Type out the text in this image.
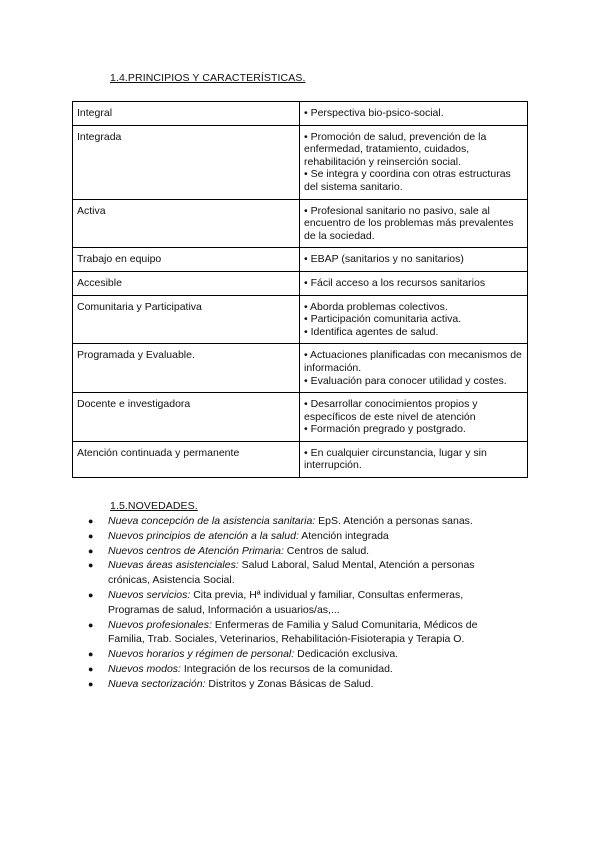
1.4.PRINCIPIOS Y CARACTERÍSTICAS.
Integral	• Perspectiva bio-psico-social.

Integrada	• Promoción de salud, prevención de la enfermedad, tratamiento, cuidados, rehabilitación y reinserción social.
• Se integra y coordina con otras estructuras del sistema sanitario.

Activa	• Profesional sanitario no pasivo, sale al encuentro de los problemas más prevalentes de la sociedad.

Trabajo en equipo	• EBAP (sanitarios y no sanitarios)

Accesible	• Fácil acceso a los recursos sanitarios

Comunitaria y Participativa	• Aborda problemas colectivos.
• Participación comunitaria activa.
• Identifica agentes de salud.

Programada y Evaluable.	• Actuaciones planificadas con mecanismos de información.
• Evaluación para conocer utilidad y costes.

Docente e investigadora	• Desarrollar conocimientos propios y específicos de este nivel de atención
• Formación pregrado y postgrado.

Atención continuada y permanente	• En cualquier circunstancia, lugar y sin interrupción.
1.5.NOVEDADES.
● Nueva concepción de la asistencia sanitaria: EpS. Atención a personas sanas.
● Nuevos principios de atención a la salud: Atención integrada
● Nuevos centros de Atención Primaria: Centros de salud.
● Nuevas áreas asistenciales: Salud Laboral, Salud Mental, Atención a personas crónicas, Asistencia Social.
● Nuevos servicios: Cita previa, Hª individual y familiar, Consultas enfermeras, Programas de salud, Información a usuarios/as,...
● Nuevos profesionales: Enfermeras de Familia y Salud Comunitaria, Médicos de Familia, Trab. Sociales, Veterinarios, Rehabilitación-Fisioterapia y Terapia O.
● Nuevos horarios y régimen de personal: Dedicación exclusiva.
● Nuevos modos: Integración de los recursos de la comunidad.
● Nueva sectorización: Distritos y Zonas Básicas de Salud.
